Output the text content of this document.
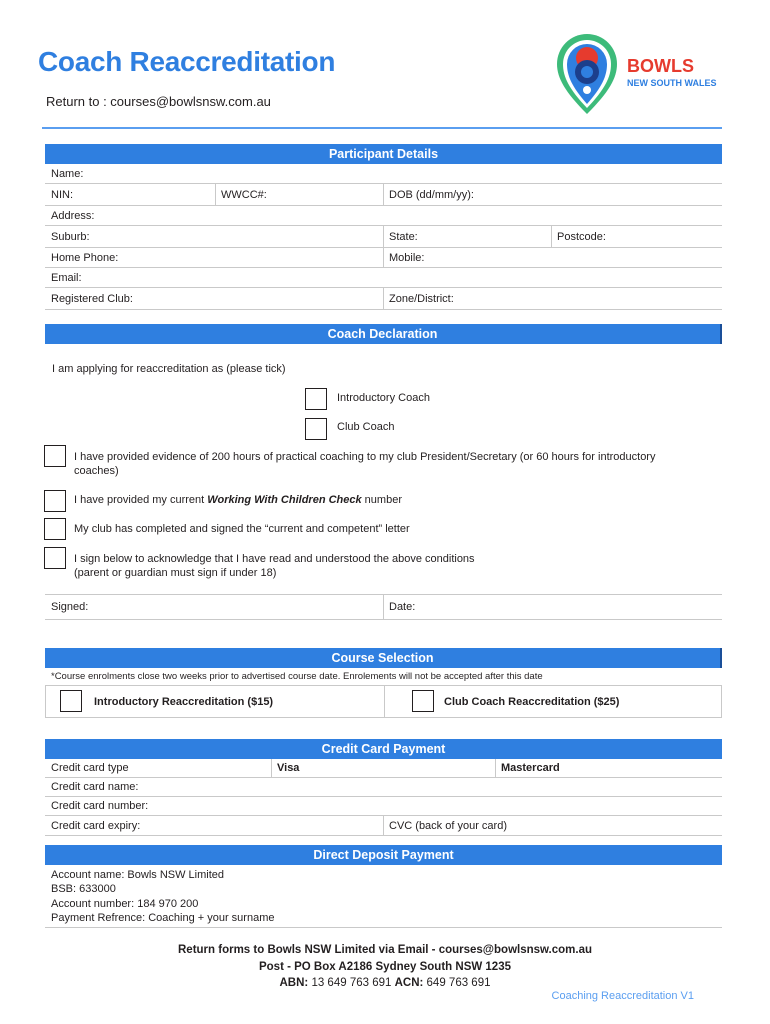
Coach Reaccreditation
Return to : courses@bowlsnsw.com.au
BOWLS
NEW SOUTH WALES
Participant Details
Name:
NIN:	WWCC#:	DOB (dd/mm/yy):
Address:
Suburb:	State:	Postcode:
Home Phone:	Mobile:
Email:
Registered Club:	Zone/District:
Coach Declaration
I am applying for reaccreditation as (please tick)
Introductory Coach
Club Coach
I have provided evidence of 200 hours of practical coaching to my club President/Secretary (or 60 hours for introductory
coaches)
I have provided my current Working With Children Check number
My club has completed and signed the “current and competent” letter
I sign below to acknowledge that I have read and understood the above conditions
(parent or guardian must sign if under 18)
Signed:	Date:
Course Selection
*Course enrolments close two weeks prior to advertised course date. Enrolements will not be accepted after this date
Introductory Reaccreditation ($15)	Club Coach Reaccreditation ($25)
Credit Card Payment
Credit card type	Visa	Mastercard
Credit card name:
Credit card number:
Credit card expiry:	CVC (back of your card)
Direct Deposit Payment
Account name: Bowls NSW Limited
BSB: 633000
Account number: 184 970 200
Payment Refrence: Coaching + your surname
Return forms to Bowls NSW Limited via Email - courses@bowlsnsw.com.au
Post - PO Box A2186 Sydney South NSW 1235
ABN: 13 649 763 691 ACN: 649 763 691
Coaching Reaccreditation V1
